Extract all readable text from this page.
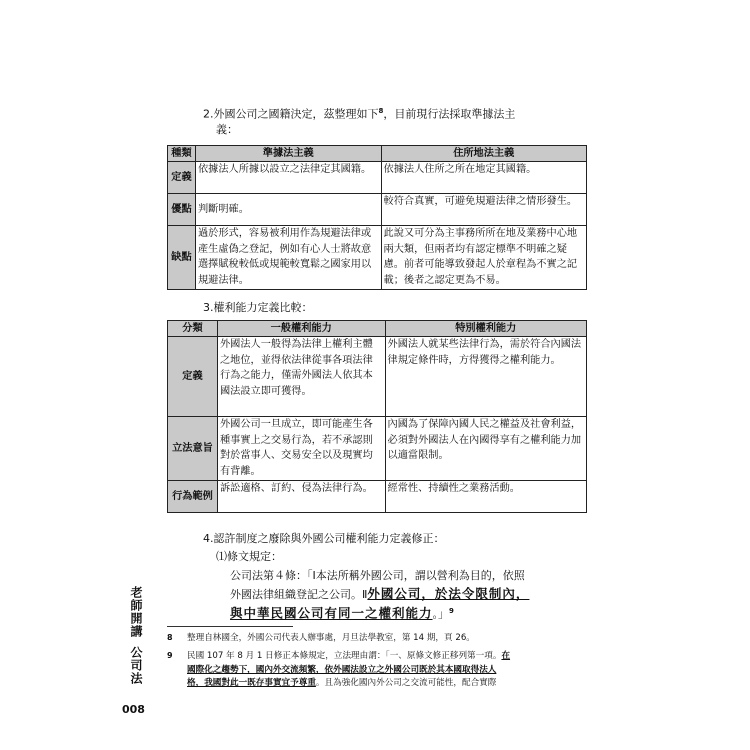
2.外國公司之國籍決定，茲整理如下$^8$，目前現行法採取準據法主
義：
種類	準據法主義	住所地法主義
定義	依據法人所據以設立之法律定其國籍。	依據法人住所之所在地定其國籍。
優點	判斷明確。	較符合真實，可避免規避法律之情形發生。
缺點	過於形式，容易被利用作為規避法律或產生虛偽之登記，例如有心人士將故意選擇賦稅較低或規範較寬鬆之國家用以規避法律。	此說又可分為主事務所所在地及業務中心地兩大類，但兩者均有認定標準不明確之疑慮。前者可能導致發起人於章程為不實之記載；後者之認定更為不易。
3.權利能力定義比較：
分類	一般權利能力	特別權利能力
定義	外國法人一般得為法律上權利主體之地位，並得依法律從事各項法律行為之能力，僅需外國法人依其本國法設立即可獲得。	外國法人就某些法律行為，需於符合內國法律規定條件時，方得獲得之權利能力。
立法意旨	外國公司一旦成立，即可能產生各種事實上之交易行為，若不承認則對於當事人、交易安全以及現實均有背離。	內國為了保障內國人民之權益及社會利益，必須對外國法人在內國得享有之權利能力加以適當限制。
行為範例	訴訟適格、訂約、侵為法律行為。	經常性、持續性之業務活動。
4.認許制度之廢除與外國公司權利能力定義修正：
⑴條文規定：
公司法第４條：「Ⅰ本法所稱外國公司，謂以營利為目的，依照
外國法律組織登記之公司。Ⅱ外國公司，於法令限制內，
與中華民國公司有同一之權利能力。」$^9$
8 整理自林國全，外國公司代表人辦事處，月旦法學教室，第 14 期，頁 26。
9 民國 107 年 8 月 1 日修正本條規定，立法理由謂：「一、原條文修正移列第一項。在
國際化之趨勢下，國內外交流頻繁，依外國法設立之外國公司既於其本國取得法人
格，我國對此一既存事實宜予尊重。且為強化國內外公司之交流可能性，配合實際
老師開講
公司法
008
